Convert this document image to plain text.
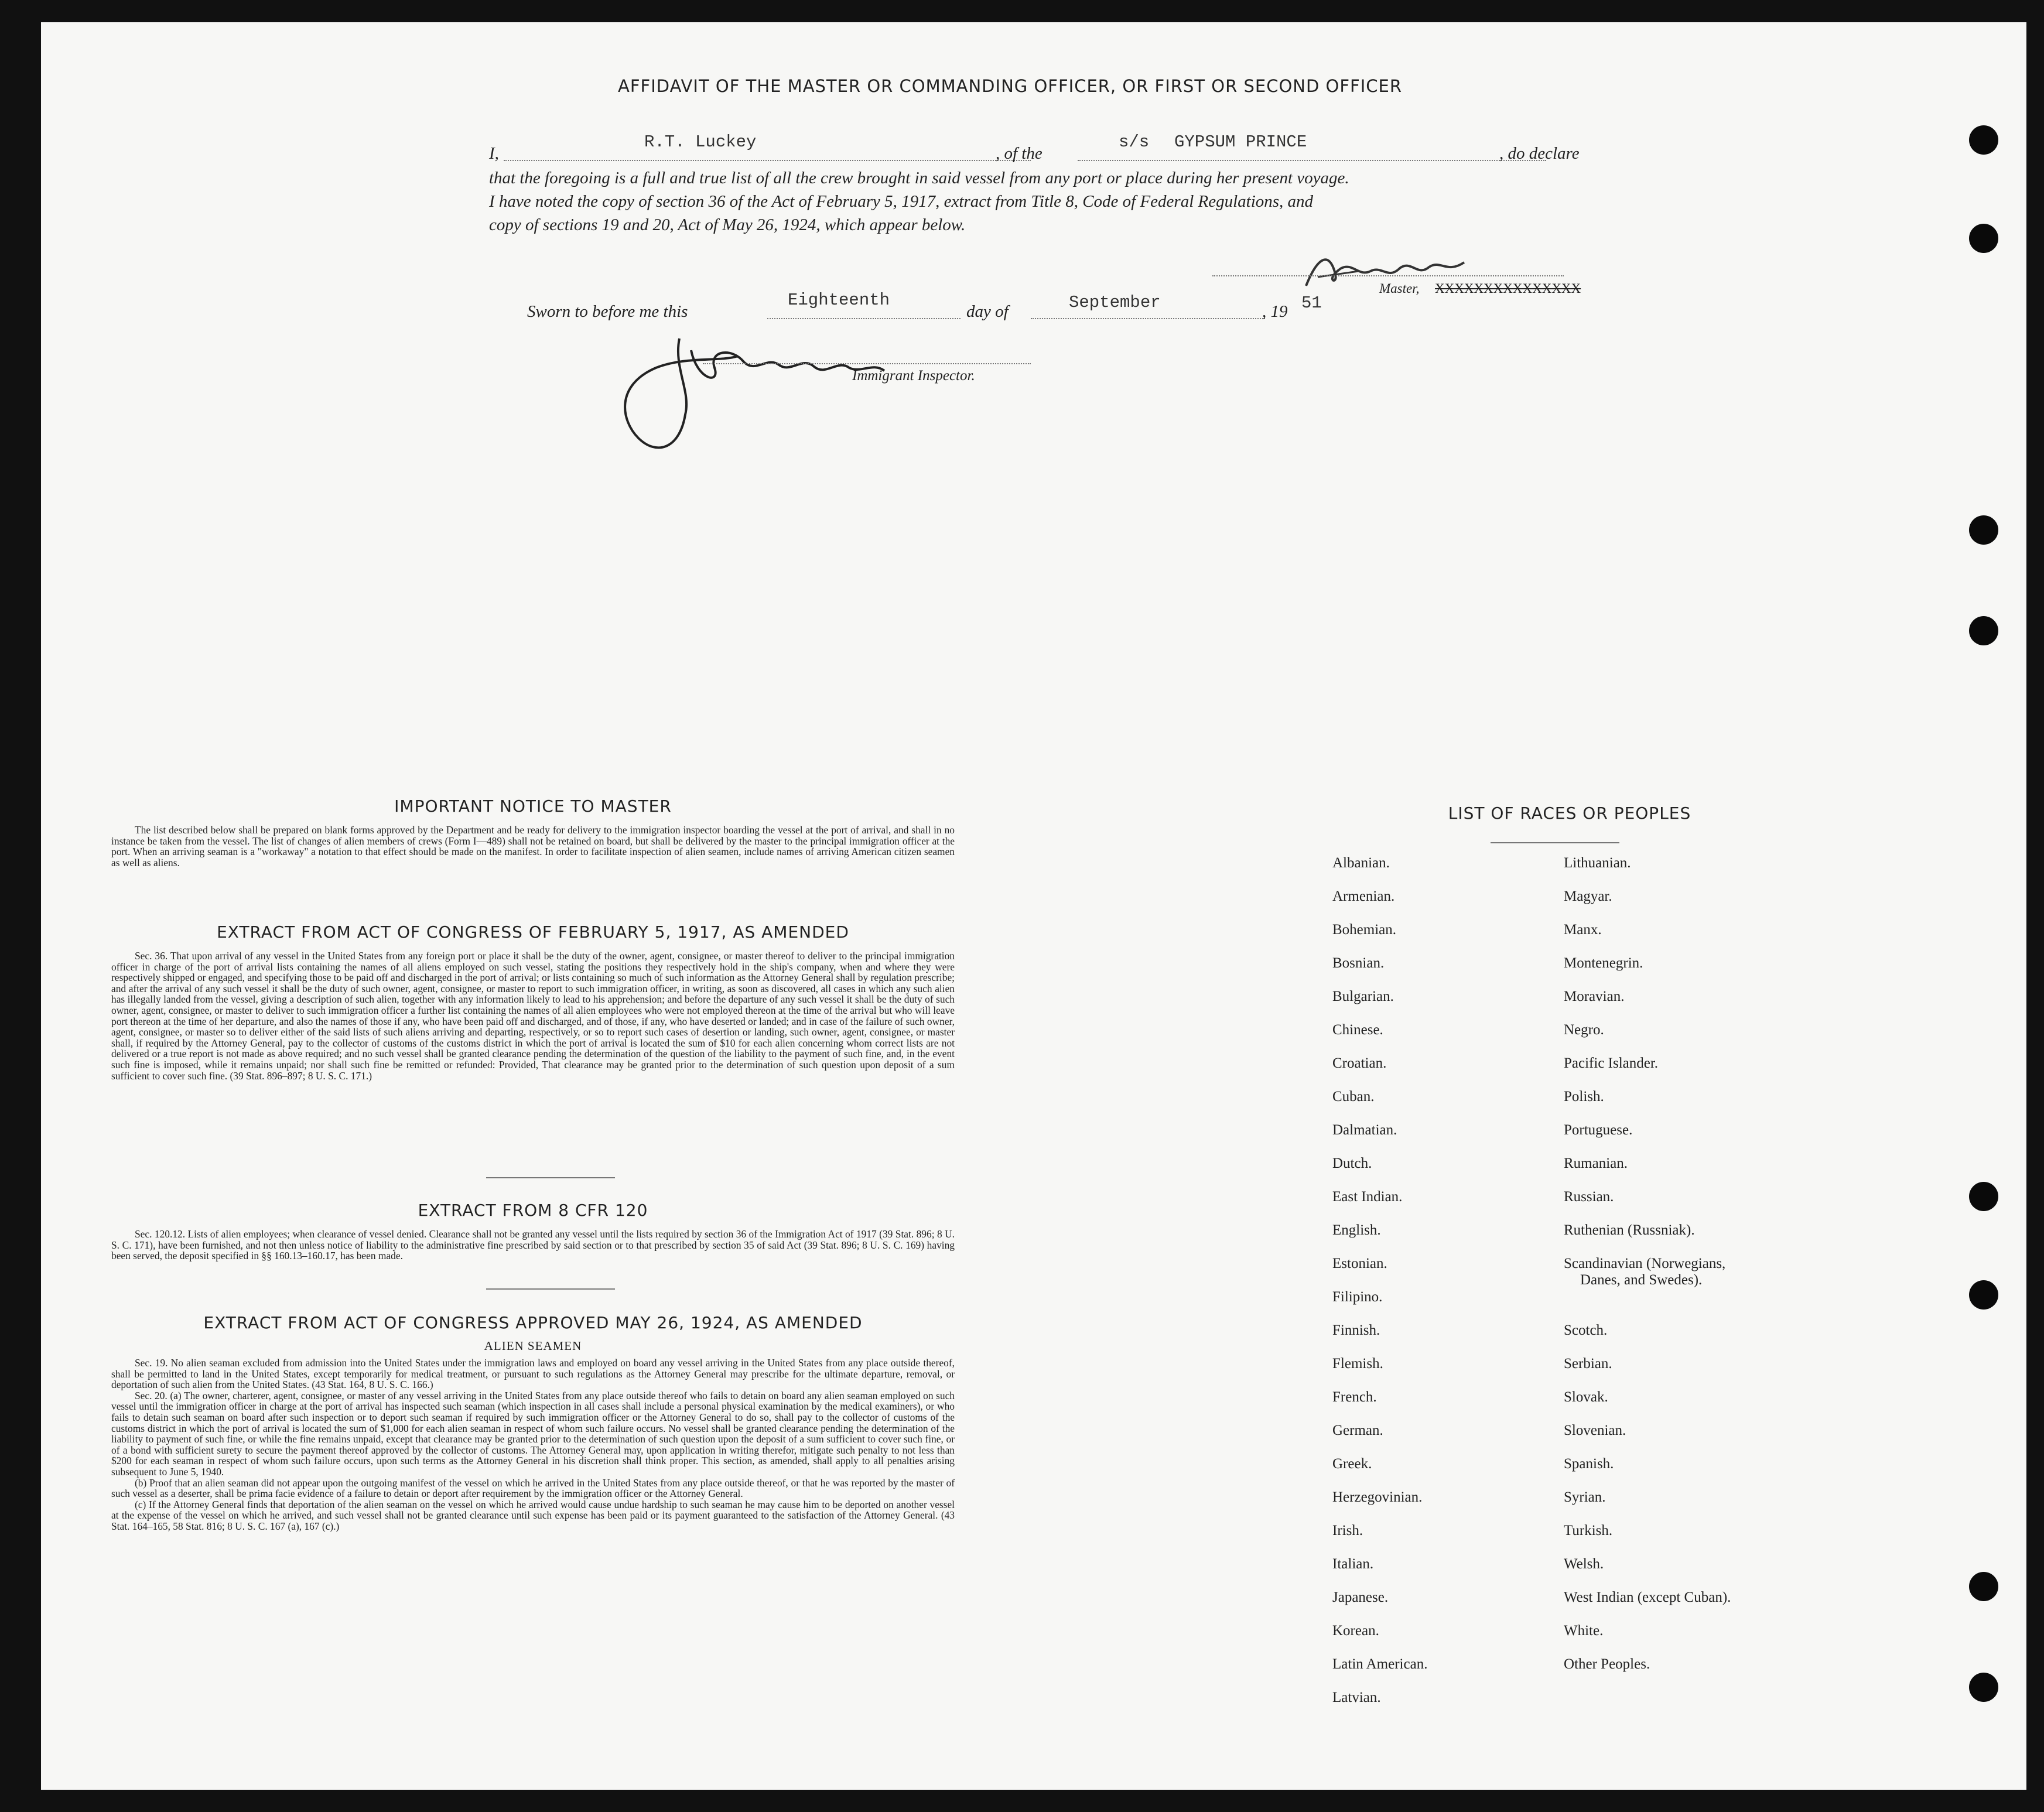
AFFIDAVIT OF THE MASTER OR COMMANDING OFFICER, OR FIRST OR SECOND OFFICER
I,
R.T. Luckey
, of the
s/s GYPSUM PRINCE
, do declare
that the foregoing is a full and true list of all the crew brought in said vessel from any port or place during her present voyage.
I have noted the copy of section 36 of the Act of February 5, 1917, extract from Title 8, Code of Federal Regulations, and
copy of sections 19 and 20, Act of May 26, 1924, which appear below.
Master, XXXXXXXXXXXXXXX
Sworn to before me this
Eighteenth
day of	September	, 19 51
Immigrant Inspector.
IMPORTANT NOTICE TO MASTER
The list described below shall be prepared on blank forms approved by the Department and be ready for delivery to the immigration inspector boarding the vessel at the port of arrival, and shall in no instance be taken from the vessel. The list of changes of alien members of crews (Form I—489) shall not be retained on board, but shall be delivered by the master to the principal immigration officer at the port. When an arriving seaman is a "workaway" a notation to that effect should be made on the manifest. In order to facilitate inspection of alien seamen, include names of arriving American citizen seamen as well as aliens.
EXTRACT FROM ACT OF CONGRESS OF FEBRUARY 5, 1917, AS AMENDED
Sec. 36. That upon arrival of any vessel in the United States from any foreign port or place it shall be the duty of the owner, agent, consignee, or master thereof to deliver to the principal immigration officer in charge of the port of arrival lists containing the names of all aliens employed on such vessel, stating the positions they respectively hold in the ship's company, when and where they were respectively shipped or engaged, and specifying those to be paid off and discharged in the port of arrival; or lists containing so much of such information as the Attorney General shall by regulation prescribe; and after the arrival of any such vessel it shall be the duty of such owner, agent, consignee, or master to report to such immigration officer, in writing, as soon as discovered, all cases in which any such alien has illegally landed from the vessel, giving a description of such alien, together with any information likely to lead to his apprehension; and before the departure of any such vessel it shall be the duty of such owner, agent, consignee, or master to deliver to such immigration officer a further list containing the names of all alien employees who were not employed thereon at the time of the arrival but who will leave port thereon at the time of her departure, and also the names of those if any, who have been paid off and discharged, and of those, if any, who have deserted or landed; and in case of the failure of such owner, agent, consignee, or master so to deliver either of the said lists of such aliens arriving and departing, respectively, or so to report such cases of desertion or landing, such owner, agent, consignee, or master shall, if required by the Attorney General, pay to the collector of customs of the customs district in which the port of arrival is located the sum of $10 for each alien concerning whom correct lists are not delivered or a true report is not made as above required; and no such vessel shall be granted clearance pending the determination of the question of the liability to the payment of such fine, and, in the event such fine is imposed, while it remains unpaid; nor shall such fine be remitted or refunded: Provided, That clearance may be granted prior to the determination of such question upon deposit of a sum sufficient to cover such fine. (39 Stat. 896–897; 8 U. S. C. 171.)
EXTRACT FROM 8 CFR 120
Sec. 120.12. Lists of alien employees; when clearance of vessel denied. Clearance shall not be granted any vessel until the lists required by section 36 of the Immigration Act of 1917 (39 Stat. 896; 8 U. S. C. 171), have been furnished, and not then unless notice of liability to the administrative fine prescribed by said section or to that prescribed by section 35 of said Act (39 Stat. 896; 8 U. S. C. 169) having been served, the deposit specified in §§ 160.13–160.17, has been made.
EXTRACT FROM ACT OF CONGRESS APPROVED MAY 26, 1924, AS AMENDED
ALIEN SEAMEN
Sec. 19. No alien seaman excluded from admission into the United States under the immigration laws and employed on board any vessel arriving in the United States from any place outside thereof, shall be permitted to land in the United States, except temporarily for medical treatment, or pursuant to such regulations as the Attorney General may prescribe for the ultimate departure, removal, or deportation of such alien from the United States. (43 Stat. 164, 8 U. S. C. 166.)
Sec. 20. (a) The owner, charterer, agent, consignee, or master of any vessel arriving in the United States from any place outside thereof who fails to detain on board any alien seaman employed on such vessel until the immigration officer in charge at the port of arrival has inspected such seaman (which inspection in all cases shall include a personal physical examination by the medical examiners), or who fails to detain such seaman on board after such inspection or to deport such seaman if required by such immigration officer or the Attorney General to do so, shall pay to the collector of customs of the customs district in which the port of arrival is located the sum of $1,000 for each alien seaman in respect of whom such failure occurs. No vessel shall be granted clearance pending the determination of the liability to payment of such fine, or while the fine remains unpaid, except that clearance may be granted prior to the determination of such question upon the deposit of a sum sufficient to cover such fine, or of a bond with sufficient surety to secure the payment thereof approved by the collector of customs. The Attorney General may, upon application in writing therefor, mitigate such penalty to not less than $200 for each seaman in respect of whom such failure occurs, upon such terms as the Attorney General in his discretion shall think proper. This section, as amended, shall apply to all penalties arising subsequent to June 5, 1940.
(b) Proof that an alien seaman did not appear upon the outgoing manifest of the vessel on which he arrived in the United States from any place outside thereof, or that he was reported by the master of such vessel as a deserter, shall be prima facie evidence of a failure to detain or deport after requirement by the immigration officer or the Attorney General.
(c) If the Attorney General finds that deportation of the alien seaman on the vessel on which he arrived would cause undue hardship to such seaman he may cause him to be deported on another vessel at the expense of the vessel on which he arrived, and such vessel shall not be granted clearance until such expense has been paid or its payment guaranteed to the satisfaction of the Attorney General. (43 Stat. 164–165, 58 Stat. 816; 8 U. S. C. 167 (a), 167 (c).)
LIST OF RACES OR PEOPLES
Albanian.
Armenian.
Bohemian.
Bosnian.
Bulgarian.
Chinese.
Croatian.
Cuban.
Dalmatian.
Dutch.
East Indian.
English.
Estonian.
Filipino.
Finnish.
Flemish.
French.
German.
Greek.
Herzegovinian.
Irish.
Italian.
Japanese.
Korean.
Latin American.
Latvian.
Lithuanian.
Magyar.
Manx.
Montenegrin.
Moravian.
Negro.
Pacific Islander.
Polish.
Portuguese.
Rumanian.
Russian.
Ruthenian (Russniak).
Scandinavian (Norwegians,
Danes, and Swedes).
Scotch.
Serbian.
Slovak.
Slovenian.
Spanish.
Syrian.
Turkish.
Welsh.
West Indian (except Cuban).
White.
Other Peoples.
